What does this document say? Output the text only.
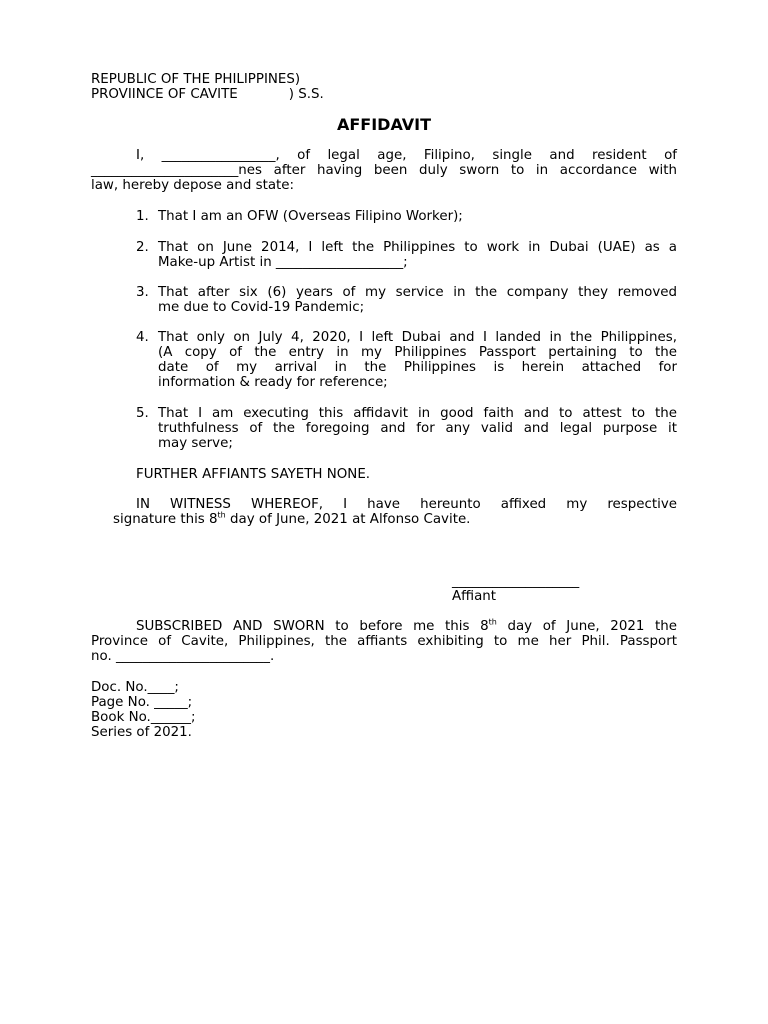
REPUBLIC OF THE PHILIPPINES)
PROVIINCE OF CAVITE            ) S.S.
AFFIDAVIT
I, _________________, of legal age, Filipino, single and resident of
______________________nes after having been duly sworn to in accordance with
law, hereby depose and state:
1. That I am an OFW (Overseas Filipino Worker);
2. That on June 2014, I left the Philippines to work in Dubai (UAE) as a
Make-up Artist in ___________________;
3. That after six (6) years of my service in the company they removed
me due to Covid-19 Pandemic;
4. That only on July 4, 2020, I left Dubai and I landed in the Philippines,
(A copy of the entry in my Philippines Passport pertaining to the
date of my arrival in the Philippines is herein attached for
information & ready for reference;
5. That I am executing this affidavit in good faith and to attest to the
truthfulness of the foregoing and for any valid and legal purpose it
may serve;
FURTHER AFFIANTS SAYETH NONE.
IN WITNESS WHEREOF, I have hereunto affixed my respective
signature this 8th day of June, 2021 at Alfonso Cavite.
___________________
Affiant
SUBSCRIBED AND SWORN to before me this 8th day of June, 2021 the
Province of Cavite, Philippines, the affiants exhibiting to me her Phil. Passport
no. _______________________.
Doc. No.____;
Page No. _____;
Book No.______;
Series of 2021.
